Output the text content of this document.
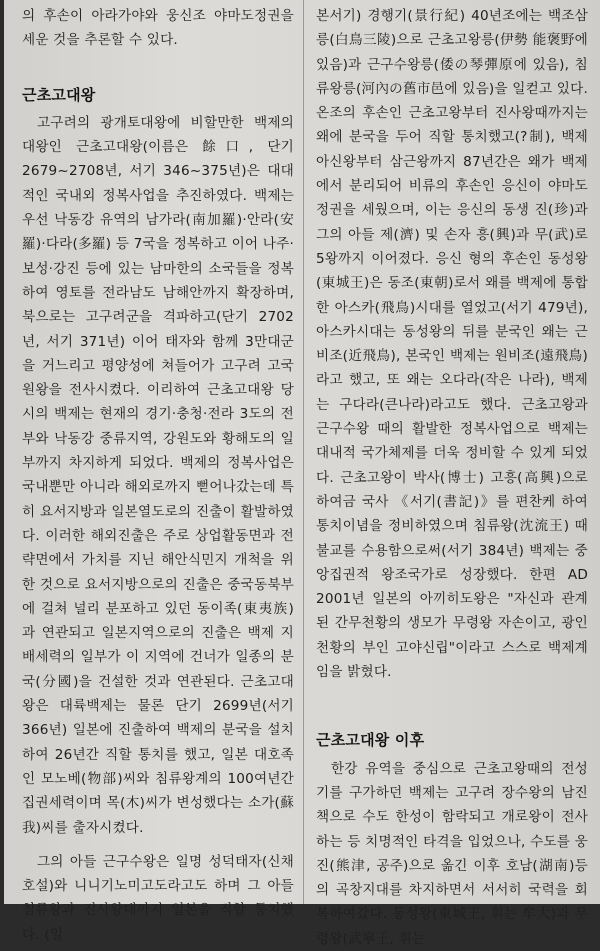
의 후손이 아라가야와 웅신조 야마도정권을 세운 것을 추론할 수 있다.

근초고대왕

고구려의 광개토대왕에 비할만한 백제의 대왕인 근초고대왕(이름은 餘口, 단기 2679~2708년, 서기 346~375년)은 대대적인 국내외 정복사업을 추진하였다. 백제는 우선 낙동강 유역의 남가라(南加羅)·안라(安羅)·다라(多羅) 등 7국을 정복하고 이어 나주·보성·강진 등에 있는 남마한의 소국들을 정복하여 영토를 전라남도 남해안까지 확장하며, 북으로는 고구려군을 격파하고(단기 2702년, 서기 371년) 이어 태자와 함께 3만대군을 거느리고 평양성에 쳐들어가 고구려 고국원왕을 전사시켰다. 이리하여 근초고대왕 당시의 백제는 현재의 경기·충청·전라 3도의 전부와 낙동강 중류지역, 강원도와 황해도의 일부까지 차지하게 되었다. 백제의 정복사업은 국내뿐만 아니라 해외로까지 뻗어나갔는데 특히 요서지방과 일본열도로의 진출이 활발하였다. 이러한 해외진출은 주로 상업활동면과 전략면에서 가치를 지닌 해안식민지 개척을 위한 것으로 요서지방으로의 진출은 중국동북부에 걸쳐 널리 분포하고 있던 동이족(東夷族)과 연관되고 일본지역으로의 진출은 백제 지배세력의 일부가 이 지역에 건너가 일종의 분국(分國)을 건설한 것과 연관된다. 근초고대왕은 대륙백제는 물론 단기 2699년(서기 366년) 일본에 진출하여 백제의 분국을 설치하여 26년간 직할 통치를 했고, 일본 대호족인 모노베(物部)씨와 침류왕계의 100여년간 집권세력이며 목(木)씨가 변성했다는 소가(蘇我)씨를 출자시켰다.

그의 아들 근구수왕은 일명 성덕태자(신채호설)와 니니기노미고도라고도 하며 그 아들 침류왕과 진사왕대까지 일본을 직할 통치했다. (일

본서기) 경행기(景行紀) 40년조에는 백조삼릉(白鳥三陵)으로 근초고왕릉(伊勢 能褒野에 있음)과 근구수왕릉(倭の琴彈原에 있음), 침류왕릉(河內の舊市邑에 있음)을 일컫고 있다. 온조의 후손인 근초고왕부터 진사왕때까지는 왜에 분국을 두어 직할 통치했고(?制), 백제 아신왕부터 삼근왕까지 87년간은 왜가 백제에서 분리되어 비류의 후손인 응신이 야마도 정권을 세웠으며, 이는 응신의 동생 진(珍)과 그의 아들 제(濟) 및 손자 흥(興)과 무(武)로 5왕까지 이어졌다. 응신 형의 후손인 동성왕(東城王)은 동조(東朝)로서 왜를 백제에 통합한 아스카(飛鳥)시대를 열었고(서기 479년), 아스카시대는 동성왕의 뒤를 분국인 왜는 근비조(近飛鳥), 본국인 백제는 원비조(遠飛鳥)라고 했고, 또 왜는 오다라(작은 나라), 백제는 구다라(큰나라)라고도 했다. 근초고왕과 근구수왕 때의 활발한 정복사업으로 백제는 대내적 국가체제를 더욱 정비할 수 있게 되었다. 근초고왕이 박사(博士) 고흥(高興)으로 하여금 국사 《서기(書記)》를 편찬케 하여 통치이념을 정비하였으며 침류왕(沈流王) 때 불교를 수용함으로써(서기 384년) 백제는 중앙집권적 왕조국가로 성장했다. 한편 AD 2001년 일본의 아끼히도왕은 "자신과 관계된 간무천황의 생모가 무령왕 자손이고, 광인천황의 부인 고야신립"이라고 스스로 백제계임을 밝혔다.

근초고대왕 이후

한강 유역을 중심으로 근초고왕때의 전성기를 구가하던 백제는 고구려 장수왕의 남진책으로 수도 한성이 함락되고 개로왕이 전사하는 등 치명적인 타격을 입었으나, 수도를 웅진(熊津, 공주)으로 옮긴 이후 호남(湖南)등의 곡창지대를 차지하면서 서서히 국력을 회복하여갔다. 동성왕(東城王, 휘는 牟大)과 무령왕(武寧王, 휘는
